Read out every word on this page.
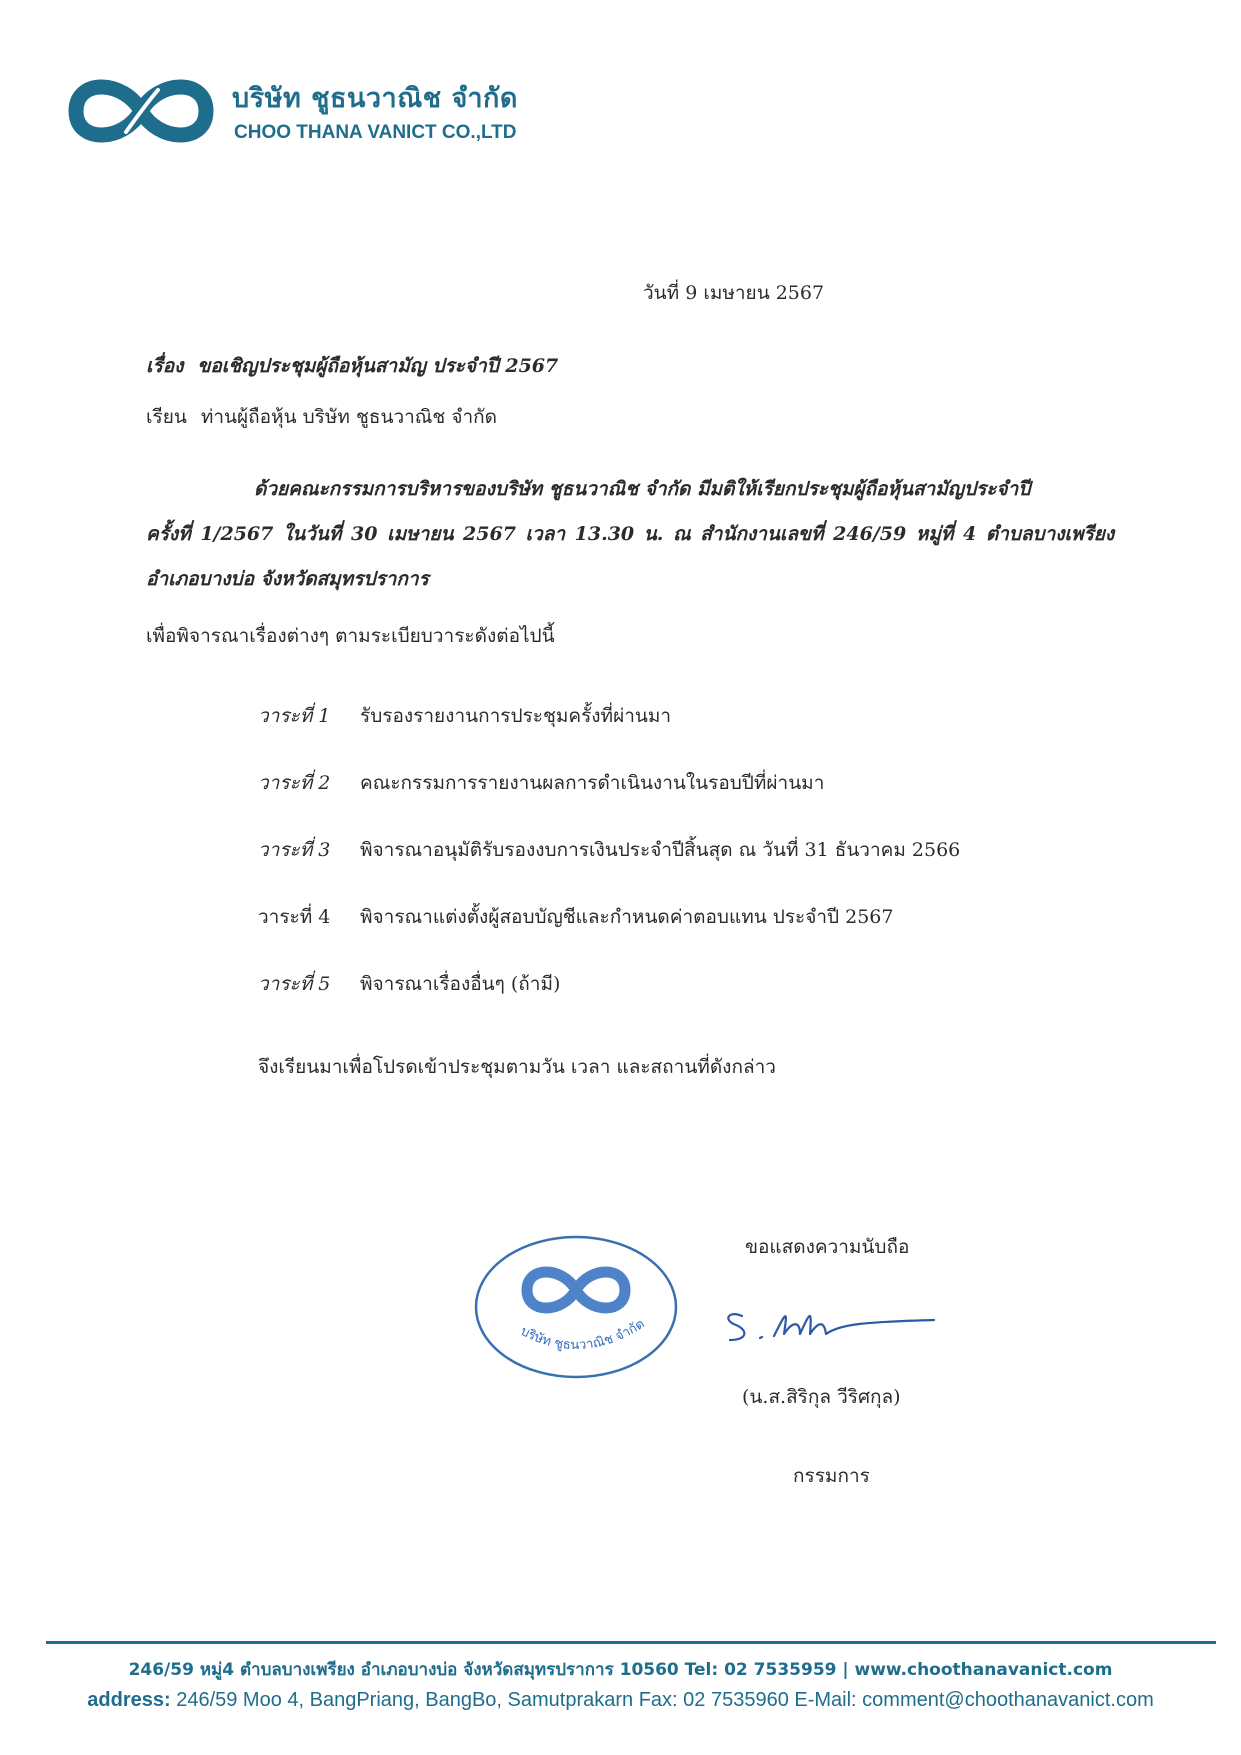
บริษัท ชูธนวาณิช จำกัด
CHOO THANA VANICT CO.,LTD
วันที่ 9 เมษายน 2567
เรื่อง ขอเชิญประชุมผู้ถือหุ้นสามัญ ประจำปี 2567
เรียน ท่านผู้ถือหุ้น บริษัท ชูธนวาณิช จำกัด
ด้วยคณะกรรมการบริหารของบริษัท ชูธนวาณิช จำกัด มีมติให้เรียกประชุมผู้ถือหุ้นสามัญประจำปี
ครั้งที่ 1/2567 ในวันที่ 30 เมษายน 2567 เวลา 13.30 น. ณ สำนักงานเลขที่ 246/59 หมู่ที่ 4 ตำบลบางเพรียง
อำเภอบางบ่อ จังหวัดสมุทรปราการ
เพื่อพิจารณาเรื่องต่างๆ ตามระเบียบวาระดังต่อไปนี้
วาระที่ 1 รับรองรายงานการประชุมครั้งที่ผ่านมา
วาระที่ 2 คณะกรรมการรายงานผลการดำเนินงานในรอบปีที่ผ่านมา
วาระที่ 3 พิจารณาอนุมัติรับรองงบการเงินประจำปีสิ้นสุด ณ วันที่ 31 ธันวาคม 2566
วาระที่ 4 พิจารณาแต่งตั้งผู้สอบบัญชีและกำหนดค่าตอบแทน ประจำปี 2567
วาระที่ 5 พิจารณาเรื่องอื่นๆ (ถ้ามี)
จึงเรียนมาเพื่อโปรดเข้าประชุมตามวัน เวลา และสถานที่ดังกล่าว
ขอแสดงความนับถือ
บริษัท ชูธนวาณิช จำกัด
S.Uhh
(น.ส.สิริกุล วีริศกุล)
กรรมการ
246/59 หมู่4 ตำบลบางเพรียง อำเภอบางบ่อ จังหวัดสมุทรปราการ 10560 Tel: 02 7535959 | www.choothanavanict.com
address: 246/59 Moo 4, BangPriang, BangBo, Samutprakarn Fax: 02 7535960 E-Mail: comment@choothanavanict.com
